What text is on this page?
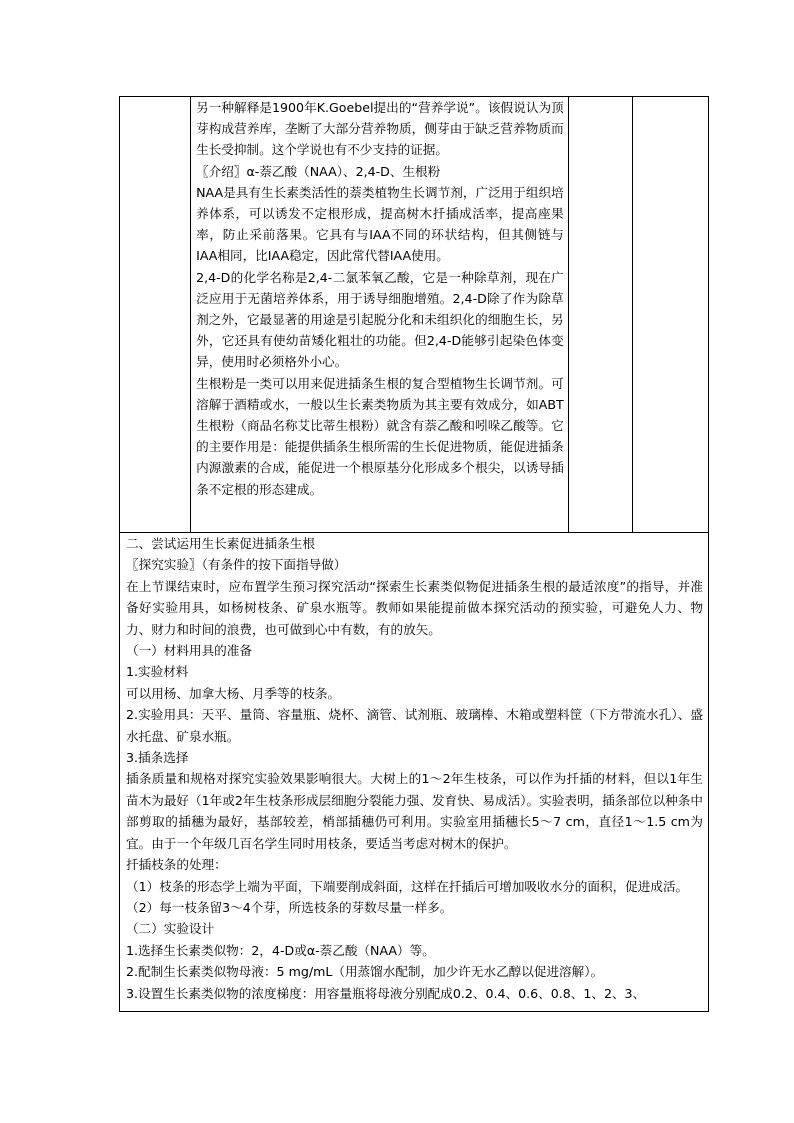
另一种解释是1900年K.Goebel提出的“营养学说”。该假说认为顶芽构成营养库，垄断了大部分营养物质，侧芽由于缺乏营养物质而生长受抑制。这个学说也有不少支持的证据。

〖介绍〗α-萘乙酸（NAA）、2,4-D、生根粉

NAA是具有生长素类活性的萘类植物生长调节剂，广泛用于组织培养体系，可以诱发不定根形成，提高树木扦插成活率，提高座果率，防止采前落果。它具有与IAA不同的环状结构，但其侧链与IAA相同，比IAA稳定，因此常代替IAA使用。

2,4-D的化学名称是2,4-二氯苯氧乙酸，它是一种除草剂，现在广泛应用于无菌培养体系，用于诱导细胞增殖。2,4-D除了作为除草剂之外，它最显著的用途是引起脱分化和未组织化的细胞生长，另外，它还具有使幼苗矮化粗壮的功能。但2,4-D能够引起染色体变异，使用时必须格外小心。

生根粉是一类可以用来促进插条生根的复合型植物生长调节剂。可溶解于酒精或水，一般以生长素类物质为其主要有效成分，如ABT生根粉（商品名称艾比蒂生根粉）就含有萘乙酸和吲哚乙酸等。它的主要作用是：能提供插条生根所需的生长促进物质，能促进插条内源激素的合成，能促进一个根原基分化形成多个根尖，以诱导插条不定根的形态建成。

二、尝试运用生长素促进插条生根

〖探究实验〗（有条件的按下面指导做）

在上节课结束时，应布置学生预习探究活动“探索生长素类似物促进插条生根的最适浓度”的指导，并准备好实验用具，如杨树枝条、矿泉水瓶等。教师如果能提前做本探究活动的预实验，可避免人力、物力、财力和时间的浪费，也可做到心中有数，有的放矢。

（一）材料用具的准备

1.实验材料

可以用杨、加拿大杨、月季等的枝条。

2.实验用具：天平、量筒、容量瓶、烧杯、滴管、试剂瓶、玻璃棒、木箱或塑料筐（下方带流水孔）、盛水托盘、矿泉水瓶。

3.插条选择

插条质量和规格对探究实验效果影响很大。大树上的1～2年生枝条，可以作为扦插的材料，但以1年生苗木为最好（1年或2年生枝条形成层细胞分裂能力强、发育快、易成活）。实验表明，插条部位以种条中部剪取的插穗为最好，基部较差，梢部插穗仍可利用。实验室用插穗长5～7 cm，直径1～1.5 cm为宜。由于一个年级几百名学生同时用枝条，要适当考虑对树木的保护。

扦插枝条的处理：

（1）枝条的形态学上端为平面，下端要削成斜面，这样在扦插后可增加吸收水分的面积，促进成活。

（2）每一枝条留3～4个芽，所选枝条的芽数尽量一样多。

（二）实验设计

1.选择生长素类似物：2，4-D或α-萘乙酸（NAA）等。

2.配制生长素类似物母液：5 mg/mL（用蒸馏水配制，加少许无水乙醇以促进溶解）。

3.设置生长素类似物的浓度梯度：用容量瓶将母液分别配成0.2、0.4、0.6、0.8、1、2、3、
